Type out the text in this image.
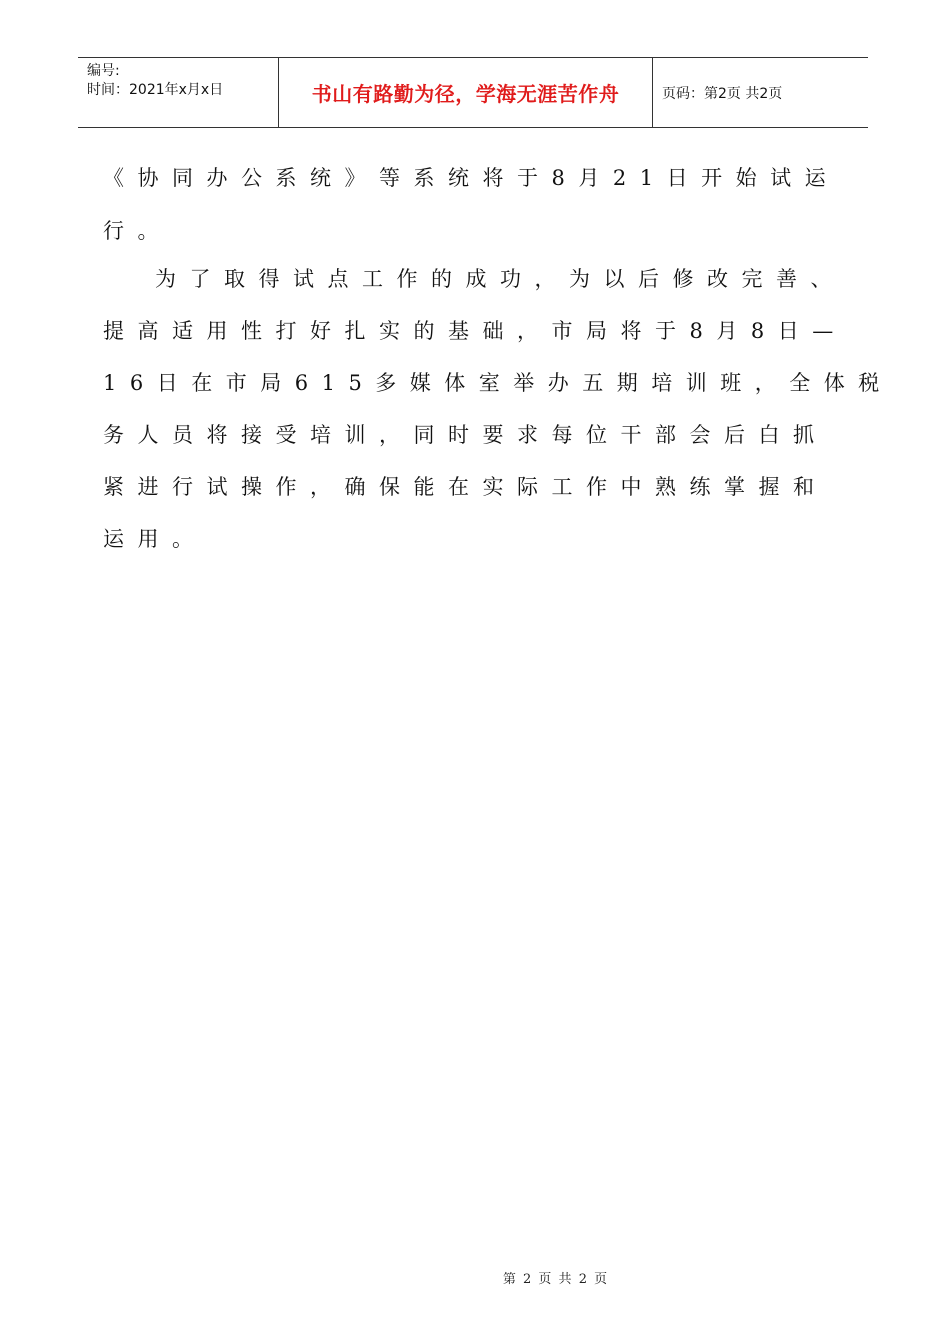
编号:
时间：2021年x月x日	书山有路勤为径，学海无涯苦作舟	页码：第2页 共2页
《协同办公系统》等系统将于8月21日开始试运
行。
为了取得试点工作的成功，为以后修改完善、
提高适用性打好扎实的基础，市局将于8月8日—
16日在市局615多媒体室举办五期培训班，全体税
务人员将接受培训，同时要求每位干部会后白抓
紧进行试操作，确保能在实际工作中熟练掌握和
运用。
第 2 页 共 2 页
